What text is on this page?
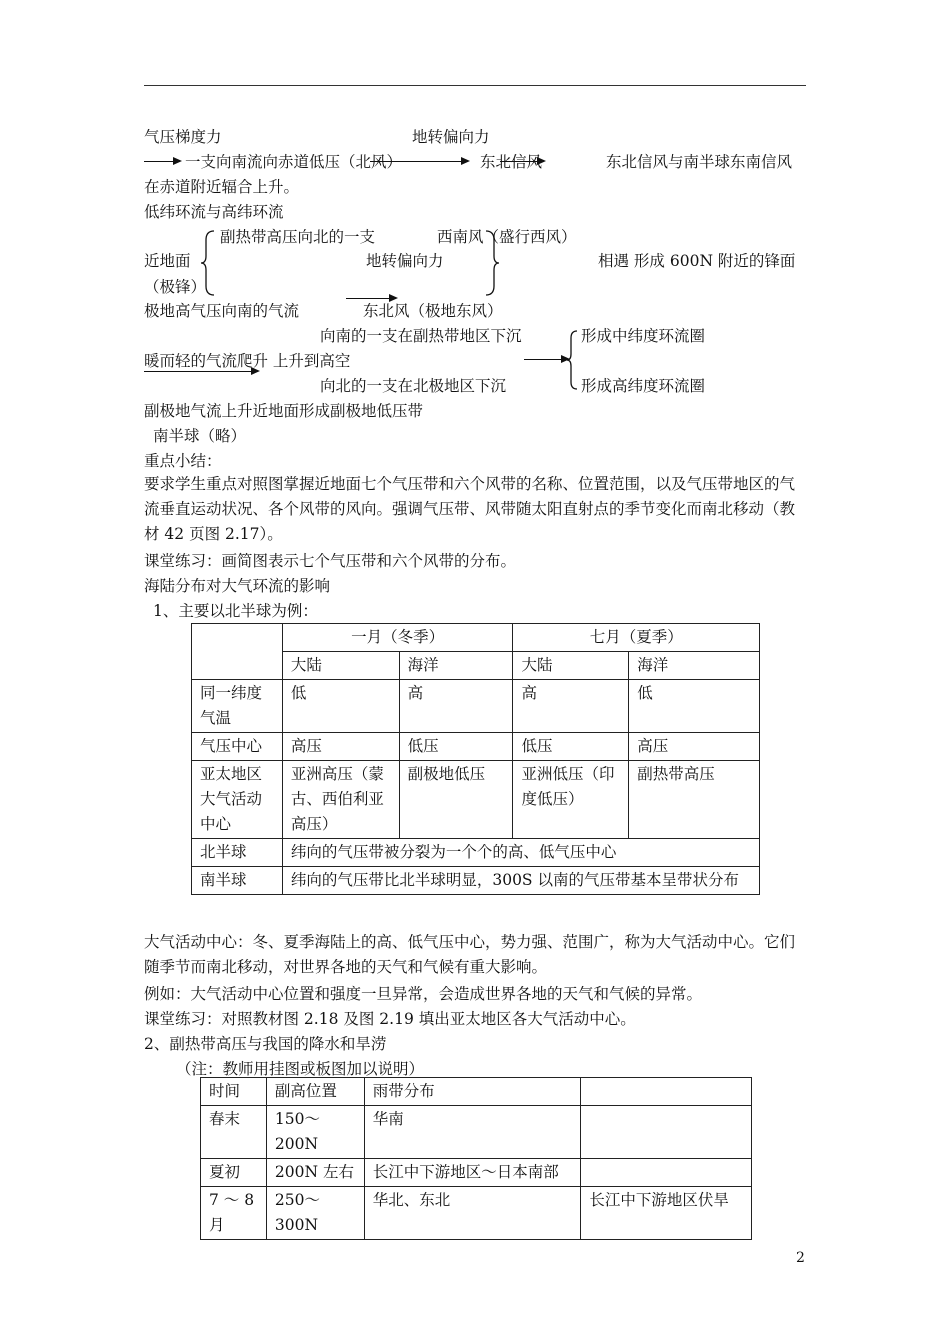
气压梯度力	地转偏向力
一支向南流向赤道低压（北风）	东北信风	东北信风与南半球东南信风
在赤道附近辐合上升。
低纬环流与高纬环流
副热带高压向北的一支	西南风（盛行西风）
近地面	地转偏向力	相遇 形成 600N 附近的锋面
（极锋）
极地高气压向南的气流	东北风（极地东风）
向南的一支在副热带地区下沉	形成中纬度环流圈
暖而轻的气流爬升 上升到高空
向北的一支在北极地区下沉	形成高纬度环流圈
副极地气流上升近地面形成副极地低压带
南半球（略）
重点小结：
要求学生重点对照图掌握近地面七个气压带和六个风带的名称、位置范围，以及气压带地区的气流垂直运动状况、各个风带的风向。强调气压带、风带随太阳直射点的季节变化而南北移动（教材 42 页图 2.17）。
课堂练习：画简图表示七个气压带和六个风带的分布。
海陆分布对大气环流的影响
1、主要以北半球为例：
	一月（冬季）		七月（夏季）	
	大陆	海洋	大陆	海洋
同一纬度气温	低	高	高	低
气压中心	高压	低压	低压	高压
亚太地区大气活动中心	亚洲高压（蒙古、西伯利亚高压）	副极地低压	亚洲低压（印度低压）	副热带高压
北半球	纬向的气压带被分裂为一个个的高、低气压中心			
南半球	纬向的气压带比北半球明显，300S 以南的气压带基本呈带状分布			
大气活动中心：冬、夏季海陆上的高、低气压中心，势力强、范围广，称为大气活动中心。它们随季节而南北移动，对世界各地的天气和气候有重大影响。
例如：大气活动中心位置和强度一旦异常，会造成世界各地的天气和气候的异常。
课堂练习：对照教材图 2.18 及图 2.19 填出亚太地区各大气活动中心。
2、副热带高压与我国的降水和旱涝
（注：教师用挂图或板图加以说明）
时间	副高位置	雨带分布	
春末	150～200N	华南	
夏初	200N 左右	长江中下游地区～日本南部	
7 ～ 8 月	250～300N	华北、东北	长江中下游地区伏旱
2
